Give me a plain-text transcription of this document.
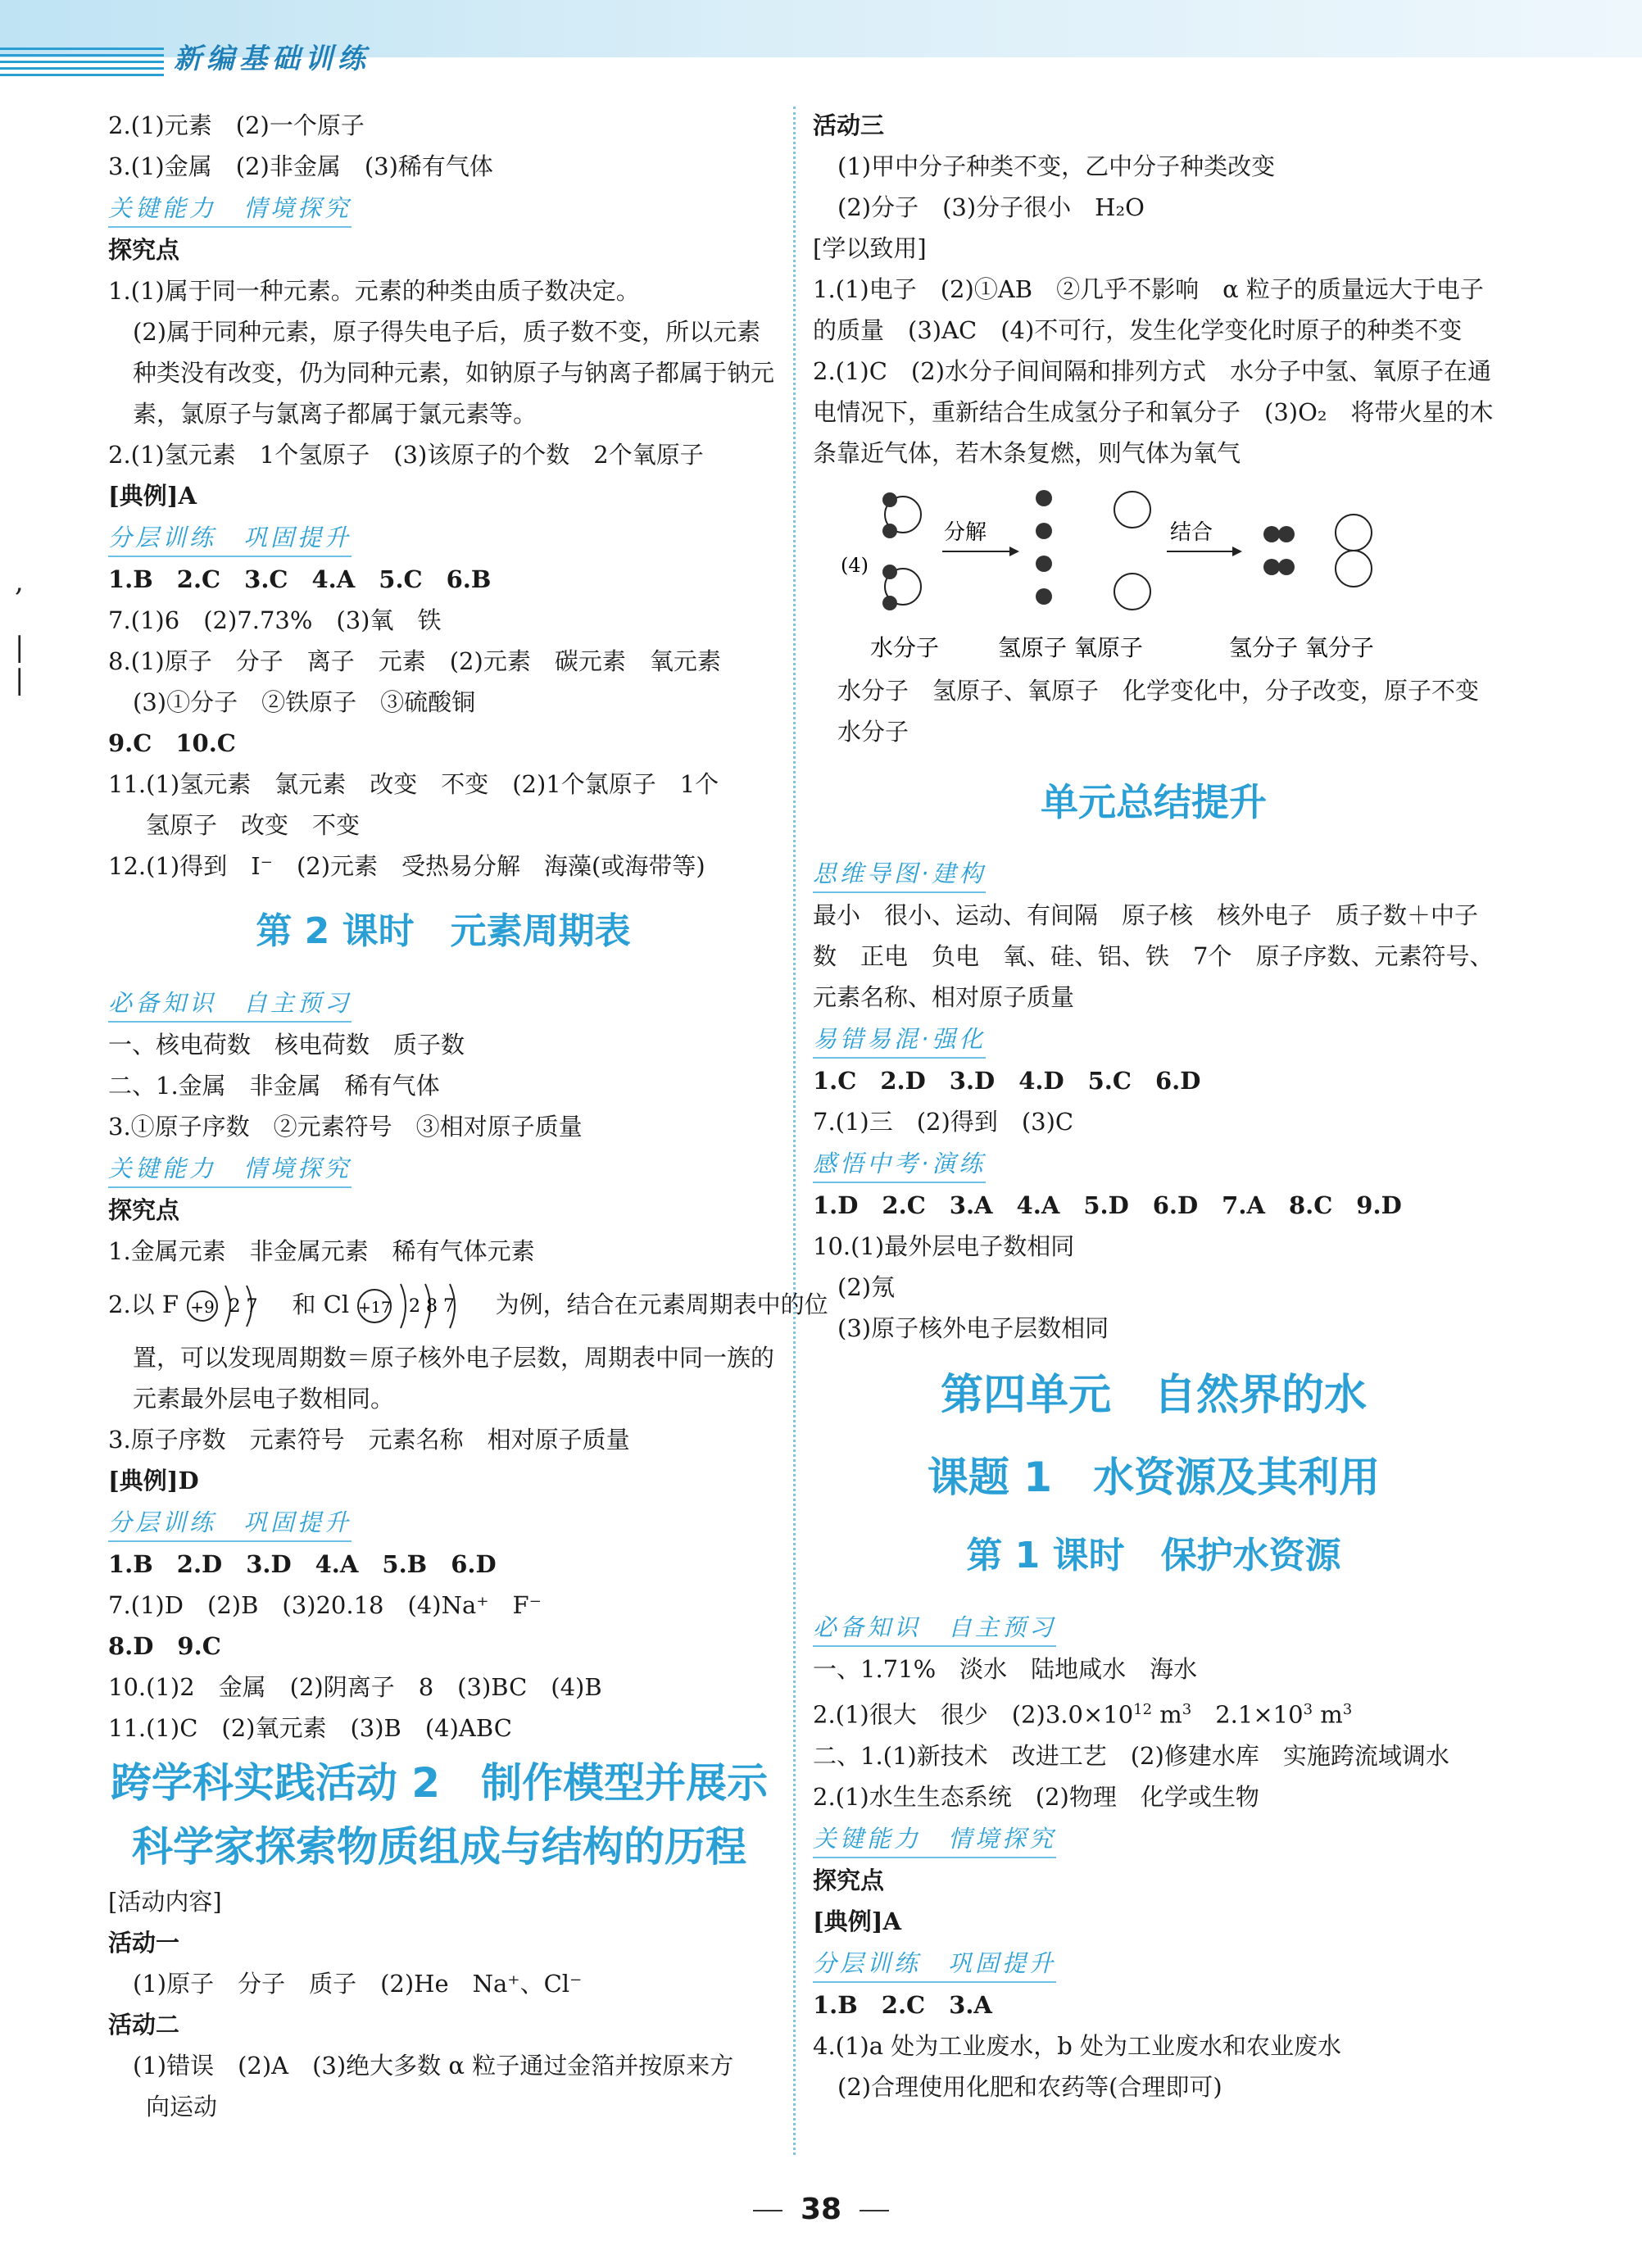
新编基础训练
,

|
|
2.(1)元素　(2)一个原子
3.(1)金属　(2)非金属　(3)稀有气体
关键能力　情境探究
探究点
1.(1)属于同一种元素。元素的种类由质子数决定。
(2)属于同种元素，原子得失电子后，质子数不变，所以元素种类没有改变，仍为同种元素，如钠原子与钠离子都属于钠元素，氯原子与氯离子都属于氯元素等。
2.(1)氢元素　1个氢原子　(3)该原子的个数　2个氧原子
[典例]A
分层训练　巩固提升
1.B　2.C　3.C　4.A　5.C　6.B
7.(1)6　(2)7.73%　(3)氧　铁
8.(1)原子　分子　离子　元素　(2)元素　碳元素　氧元素
(3)①分子　②铁原子　③硫酸铜
9.C　10.C
11.(1)氢元素　氯元素　改变　不变　(2)1个氯原子　1个
氢原子　改变　不变
12.(1)得到　I⁻　(2)元素　受热易分解　海藻(或海带等)
第 2 课时　元素周期表
必备知识　自主预习
一、核电荷数　核电荷数　质子数
二、1.金属　非金属　稀有气体
3.①原子序数　②元素符号　③相对原子质量
关键能力　情境探究
探究点
1.金属元素　非金属元素　稀有气体元素
2.以 F +9 2 7 和 Cl +17 2 8 7 为例，结合在元素周期表中的位
置，可以发现周期数＝原子核外电子层数，周期表中同一族的元素最外层电子数相同。
3.原子序数　元素符号　元素名称　相对原子质量
[典例]D
分层训练　巩固提升
1.B　2.D　3.D　4.A　5.B　6.D
7.(1)D　(2)B　(3)20.18　(4)Na⁺　F⁻
8.D　9.C
10.(1)2　金属　(2)阴离子　8　(3)BC　(4)B
11.(1)C　(2)氧元素　(3)B　(4)ABC
跨学科实践活动 2　制作模型并展示
科学家探索物质组成与结构的历程
[活动内容]
活动一
(1)原子　分子　质子　(2)He　Na⁺、Cl⁻
活动二
(1)错误　(2)A　(3)绝大多数 α 粒子通过金箔并按原来方
向运动
活动三
(1)甲中分子种类不变，乙中分子种类改变
(2)分子　(3)分子很小　H₂O
[学以致用]
1.(1)电子　(2)①AB　②几乎不影响　α 粒子的质量远大于电子的质量　(3)AC　(4)不可行，发生化学变化时原子的种类不变
2.(1)C　(2)水分子间间隔和排列方式　水分子中氢、氧原子在通电情况下，重新结合生成氢分子和氧分子　(3)O₂　将带火星的木条靠近气体，若木条复燃，则气体为氧气
(4)
分解	结合
水分子	氢原子 氧原子	氢分子 氧分子
水分子　氢原子、氧原子　化学变化中，分子改变，原子不变
水分子
单元总结提升
思维导图·建构
最小　很小、运动、有间隔　原子核　核外电子　质子数＋中子数　正电　负电　氧、硅、铝、铁　7个　原子序数、元素符号、元素名称、相对原子质量
易错易混·强化
1.C　2.D　3.D　4.D　5.C　6.D
7.(1)三　(2)得到　(3)C
感悟中考·演练
1.D　2.C　3.A　4.A　5.D　6.D　7.A　8.C　9.D
10.(1)最外层电子数相同
(2)氖
(3)原子核外电子层数相同
第四单元　自然界的水
课题 1　水资源及其利用
第 1 课时　保护水资源
必备知识　自主预习
一、1.71%　淡水　陆地咸水　海水
2.(1)很大　很少　$(2)3.0\times 10^{12}$ $m^3$　$2.1\times 10^3$ $m^3$
二、1.(1)新技术　改进工艺　(2)修建水库　实施跨流域调水
2.(1)水生生态系统　(2)物理　化学或生物
关键能力　情境探究
探究点
[典例]A
分层训练　巩固提升
1.B　2.C　3.A
4.(1)a 处为工业废水，b 处为工业废水和农业废水
(2)合理使用化肥和农药等(合理即可)
38
